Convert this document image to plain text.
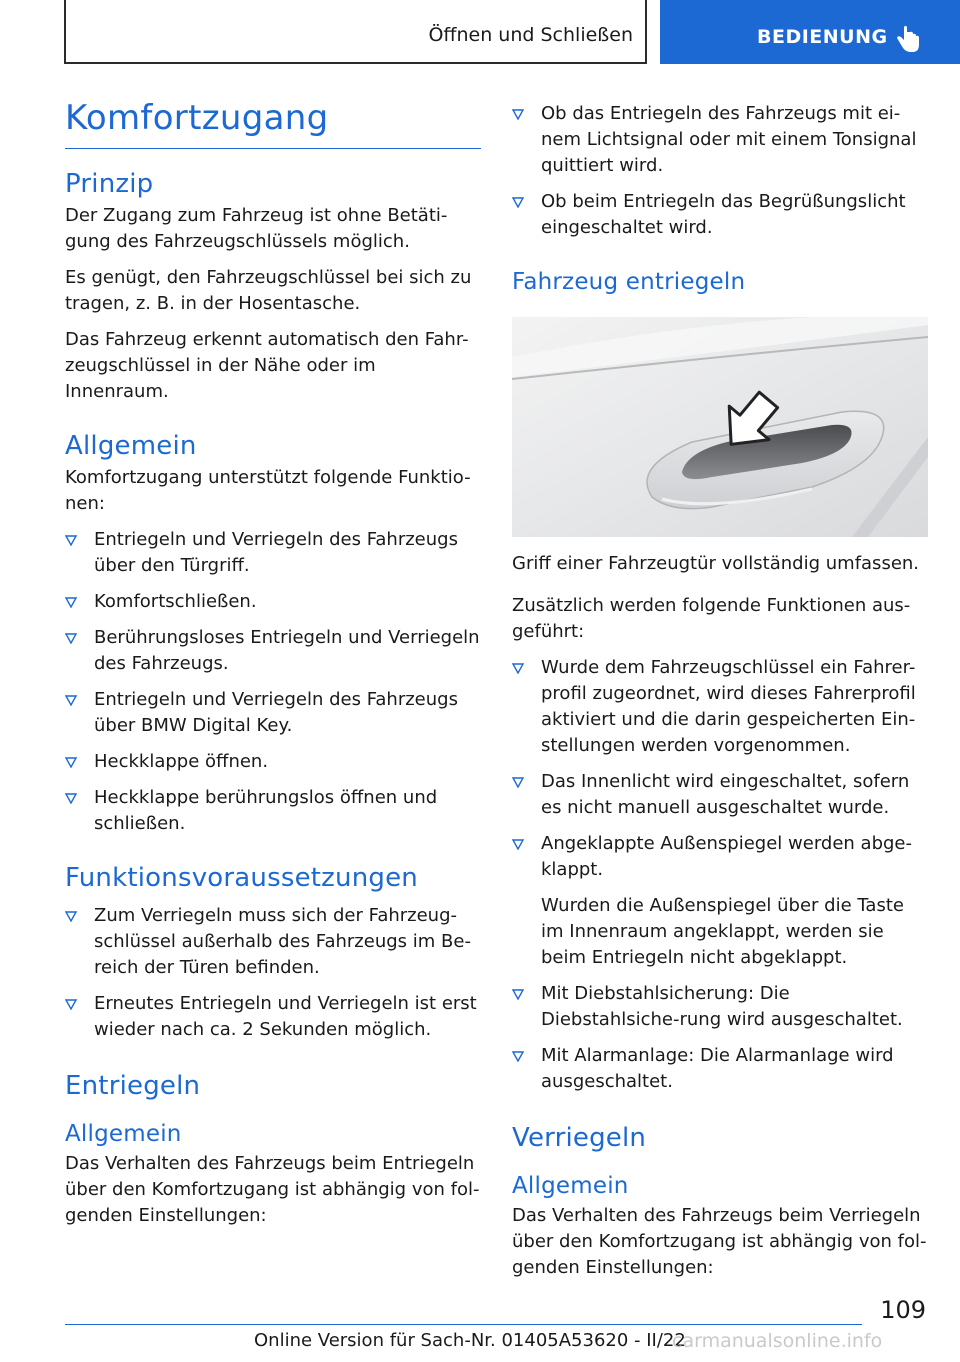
Öffnen und Schließen	BEDIENUNG
Komfortzugang
Prinzip

Der Zugang zum Fahrzeug ist ohne Betäti-gung des Fahrzeugschlüssels möglich.

Es genügt, den Fahrzeugschlüssel bei sich zu tragen, z. B. in der Hosentasche.

Das Fahrzeug erkennt automatisch den Fahr-zeugschlüssel in der Nähe oder im Innenraum.

Allgemein

Komfortzugang unterstützt folgende Funktio-nen:

Entriegeln und Verriegeln des Fahrzeugs über den Türgriff.
Komfortschließen.
Berührungsloses Entriegeln und Verriegeln des Fahrzeugs.
Entriegeln und Verriegeln des Fahrzeugs über BMW Digital Key.
Heckklappe öffnen.
Heckklappe berührungslos öffnen und schließen.
Funktionsvoraussetzungen
Zum Verriegeln muss sich der Fahrzeug-schlüssel außerhalb des Fahrzeugs im Be-reich der Türen befinden.
Erneutes Entriegeln und Verriegeln ist erst wieder nach ca. 2 Sekunden möglich.
Entriegeln
Allgemein

Das Verhalten des Fahrzeugs beim Entriegeln über den Komfortzugang ist abhängig von fol-genden Einstellungen:

Ob das Entriegeln des Fahrzeugs mit ei-nem Lichtsignal oder mit einem Tonsignal quittiert wird.
Ob beim Entriegeln das Begrüßungslicht eingeschaltet wird.
Fahrzeug entriegeln

Griff einer Fahrzeugtür vollständig umfassen.

Zusätzlich werden folgende Funktionen aus-geführt:

Wurde dem Fahrzeugschlüssel ein Fahrer-profil zugeordnet, wird dieses Fahrerprofil aktiviert und die darin gespeicherten Ein-stellungen werden vorgenommen.
Das Innenlicht wird eingeschaltet, sofern es nicht manuell ausgeschaltet wurde.
Angeklappte Außenspiegel werden abge-klappt.
Wurden die Außenspiegel über die Taste im Innenraum angeklappt, werden sie beim Entriegeln nicht abgeklappt.
Mit Diebstahlsicherung: Die Diebstahlsiche-rung wird ausgeschaltet.
Mit Alarmanlage: Die Alarmanlage wird ausgeschaltet.
Verriegeln
Allgemein

Das Verhalten des Fahrzeugs beim Verriegeln über den Komfortzugang ist abhängig von fol-genden Einstellungen:

109
Online Version für Sach-Nr. 01405A53620 - II/22
carmanualsonline.info
